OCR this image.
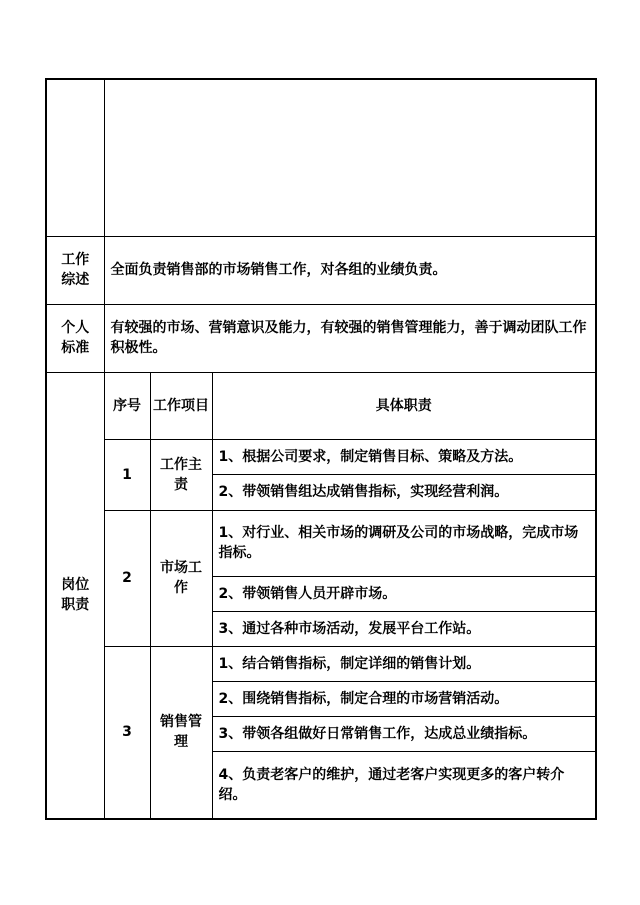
工作
综述	全面负责销售部的市场销售工作，对各组的业绩负责。		

个人
标准	有较强的市场、营销意识及能力，有较强的销售管理能力，善于调动团队工作积极性。		

岗位
职责	序号	工作项目	具体职责
	1	工作主责	1、根据公司要求，制定销售目标、策略及方法。
			2、带领销售组达成销售指标，实现经营利润。
	2	市场工作	1、对行业、相关市场的调研及公司的市场战略，完成市场指标。
			2、带领销售人员开辟市场。
			3、通过各种市场活动，发展平台工作站。
	3	销售管理	1、结合销售指标，制定详细的销售计划。
			2、围绕销售指标，制定合理的市场营销活动。
			3、带领各组做好日常销售工作，达成总业绩指标。
			4、负责老客户的维护，通过老客户实现更多的客户转介绍。
